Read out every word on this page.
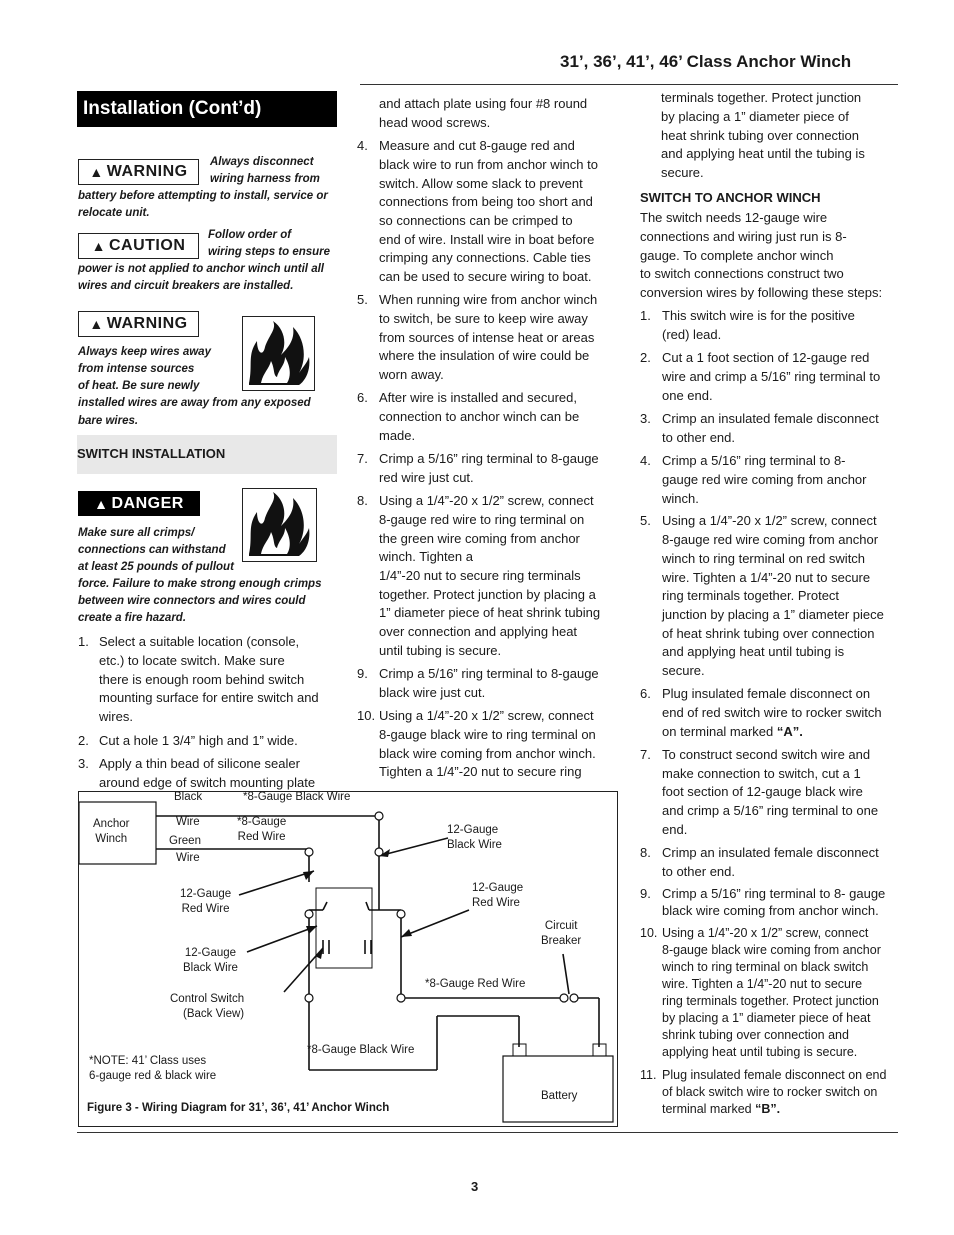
31’, 36’, 41’, 46’ Class Anchor Winch
Installation (Cont’d)
▲ WARNING
Always disconnect
wiring harness from
battery before attempting to install, service or
relocate unit.
▲ CAUTION
Follow order of
wiring steps to ensure
power is not applied to anchor winch until all
wires and circuit breakers are installed.
▲ WARNING
Always keep wires away
from intense sources
of heat. Be sure newly
installed wires are away from any exposed
bare wires.
SWITCH INSTALLATION
▲ DANGER
Make sure all crimps/
connections can withstand
at least 25 pounds of pullout
force. Failure to make strong enough crimps
between wire connectors and wires could
create a fire hazard.
1. Select a suitable location (console,
etc.) to locate switch. Make sure
there is enough room behind switch
mounting surface for entire switch and
wires.
2. Cut a hole 1 3/4” high and 1” wide.
3. Apply a thin bead of silicone sealer
around edge of switch mounting plate
and attach plate using four #8 round
head wood screws.
4. Measure and cut 8-gauge red and
black wire to run from anchor winch to
switch. Allow some slack to prevent
connections from being too short and
so connections can be crimped to
end of wire. Install wire in boat before
crimping any connections. Cable ties
can be used to secure wiring to boat.
5. When running wire from anchor winch
to switch, be sure to keep wire away
from sources of intense heat or areas
where the insulation of wire could be
worn away.
6. After wire is installed and secured,
connection to anchor winch can be
made.
7. Crimp a 5/16” ring terminal to 8-gauge
red wire just cut.
8. Using a 1/4”-20 x 1/2” screw, connect
8-gauge red wire to ring terminal on
the green wire coming from anchor
winch. Tighten a
1/4”-20 nut to secure ring terminals
together. Protect junction by placing a
1” diameter piece of heat shrink tubing
over connection and applying heat
until tubing is secure.
9. Crimp a 5/16” ring terminal to 8-gauge
black wire just cut.
10. Using a 1/4”-20 x 1/2” screw, connect
8-gauge black wire to ring terminal on
black wire coming from anchor winch.
Tighten a 1/4”-20 nut to secure ring
terminals together. Protect junction
by placing a 1” diameter piece of
heat shrink tubing over connection
and applying heat until the tubing is
secure.
SWITCH TO ANCHOR WINCH
The switch needs 12-gauge wire
connections and wiring just run is 8-
gauge. To complete anchor winch
to switch connections construct two
conversion wires by following these steps:
1. This switch wire is for the positive
(red) lead.
2. Cut a 1 foot section of 12-gauge red
wire and crimp a 5/16” ring terminal to
one end.
3. Crimp an insulated female disconnect
to other end.
4. Crimp a 5/16” ring terminal to 8-
gauge red wire coming from anchor
winch.
5. Using a 1/4”-20 x 1/2” screw, connect
8-gauge red wire coming from anchor
winch to ring terminal on red switch
wire. Tighten a 1/4”-20 nut to secure
ring terminals together. Protect
junction by placing a 1” diameter piece
of heat shrink tubing over connection
and applying heat until tubing is
secure.
6. Plug insulated female disconnect on
end of red switch wire to rocker switch
on terminal marked “A”.
7. To construct second switch wire and
make connection to switch, cut a 1
foot section of 12-gauge black wire
and crimp a 5/16” ring terminal to one
end.
8. Crimp an insulated female disconnect
to other end.
9. Crimp a 5/16” ring terminal to 8- gauge
black wire coming from anchor winch.
10. Using a 1/4”-20 x 1/2” screw, connect
8-gauge black wire coming from anchor
winch to ring terminal on black switch
wire. Tighten a 1/4”-20 nut to secure
ring terminals together. Protect junction
by placing a 1” diameter piece of heat
shrink tubing over connection and
applying heat until tubing is secure.
11. Plug insulated female disconnect on end
of black switch wire to rocker switch on
terminal marked “B”.
Anchor
Winch
Black
Wire
Green
Wire
*8-Gauge Black Wire
*8-Gauge
Red Wire
12-Gauge
Black Wire
12-Gauge
Red Wire
12-Gauge
Red Wire
12-Gauge
Black Wire
Circuit
Breaker
*8-Gauge Red Wire
Control Switch
(Back View)
*8-Gauge Black Wire
*NOTE: 41’ Class uses
6-gauge red & black wire
Battery
Figure 3 - Wiring Diagram for 31’, 36’, 41’ Anchor Winch
3
